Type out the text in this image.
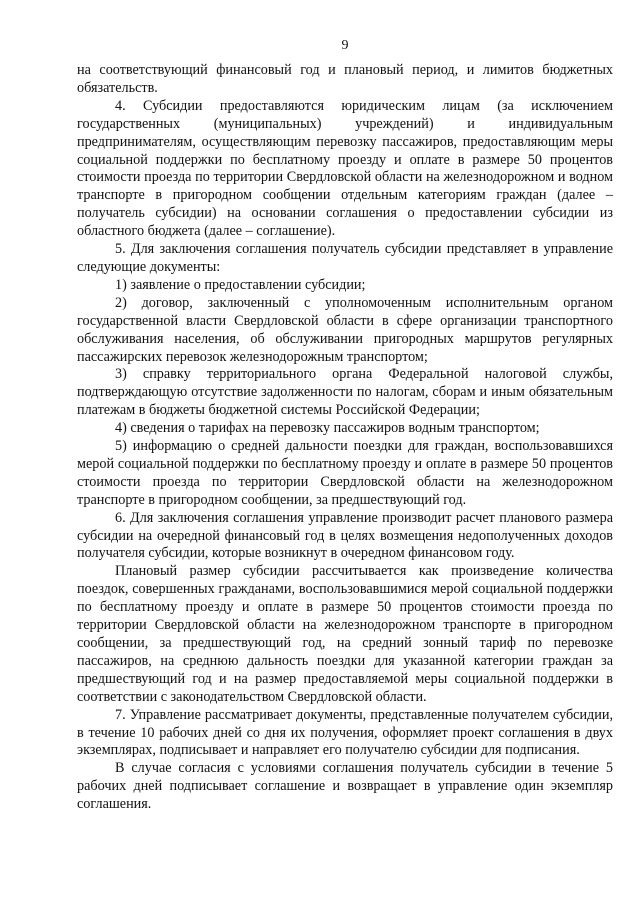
9

на соответствующий финансовый год и плановый период, и лимитов бюджетных обязательств.

4. Субсидии предоставляются юридическим лицам (за исключением государственных (муниципальных) учреждений) и индивидуальным предпринимателям, осуществляющим перевозку пассажиров, предоставляющим меры социальной поддержки по бесплатному проезду и оплате в размере 50 процентов стоимости проезда по территории Свердловской области на железнодорожном и водном транспорте в пригородном сообщении отдельным категориям граждан (далее – получатель субсидии) на основании соглашения о предоставлении субсидии из областного бюджета (далее – соглашение).

5. Для заключения соглашения получатель субсидии представляет в управление следующие документы:

1) заявление о предоставлении субсидии;

2) договор, заключенный с уполномоченным исполнительным органом государственной власти Свердловской области в сфере организации транспортного обслуживания населения, об обслуживании пригородных маршрутов регулярных пассажирских перевозок железнодорожным транспортом;

3) справку территориального органа Федеральной налоговой службы, подтверждающую отсутствие задолженности по налогам, сборам и иным обязательным платежам в бюджеты бюджетной системы Российской Федерации;

4) сведения о тарифах на перевозку пассажиров водным транспортом;

5) информацию о средней дальности поездки для граждан, воспользовавшихся мерой социальной поддержки по бесплатному проезду и оплате в размере 50 процентов стоимости проезда по территории Свердловской области на железнодорожном транспорте в пригородном сообщении, за предшествующий год.

6. Для заключения соглашения управление производит расчет планового размера субсидии на очередной финансовый год в целях возмещения недополученных доходов получателя субсидии, которые возникнут в очередном финансовом году.

Плановый размер субсидии рассчитывается как произведение количества поездок, совершенных гражданами, воспользовавшимися мерой социальной поддержки по бесплатному проезду и оплате в размере 50 процентов стоимости проезда по территории Свердловской области на железнодорожном транспорте в пригородном сообщении, за предшествующий год, на средний зонный тариф по перевозке пассажиров, на среднюю дальность поездки для указанной категории граждан за предшествующий год и на размер предоставляемой меры социальной поддержки в соответствии с законодательством Свердловской области.

7. Управление рассматривает документы, представленные получателем субсидии, в течение 10 рабочих дней со дня их получения, оформляет проект соглашения в двух экземплярах, подписывает и направляет его получателю субсидии для подписания.

В случае согласия с условиями соглашения получатель субсидии в течение 5 рабочих дней подписывает соглашение и возвращает в управление один экземпляр соглашения.
